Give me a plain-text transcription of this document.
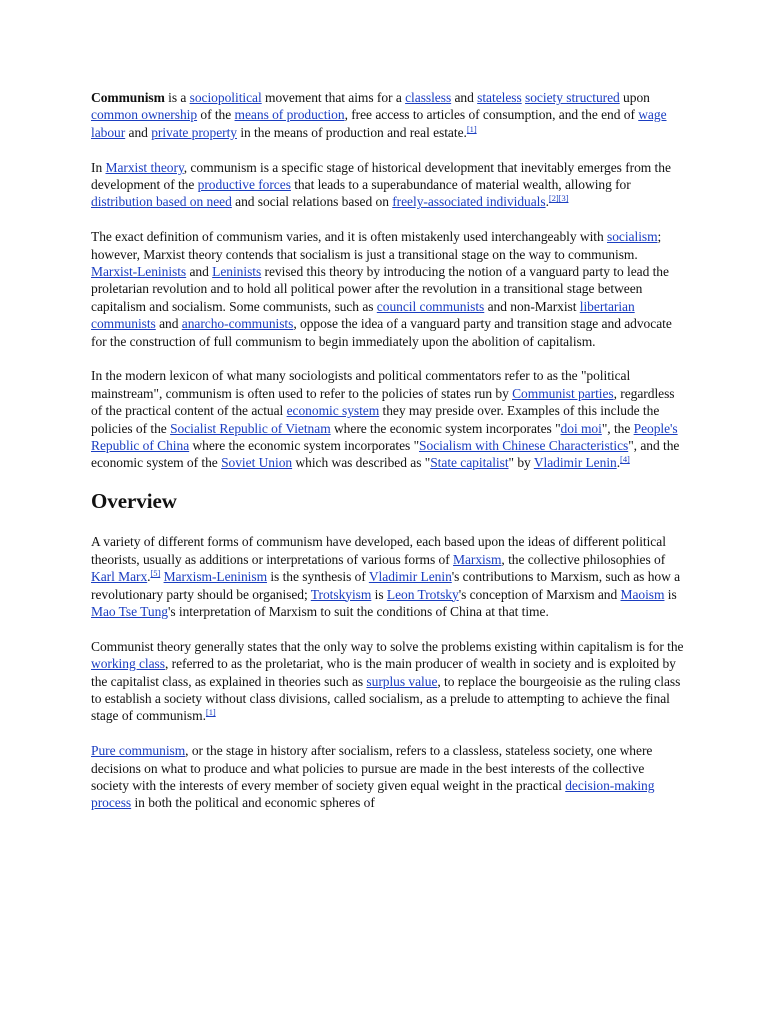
Communism is a sociopolitical movement that aims for a classless and stateless society structured upon common ownership of the means of production, free access to articles of consumption, and the end of wage labour and private property in the means of production and real estate.[1]

In Marxist theory, communism is a specific stage of historical development that inevitably emerges from the development of the productive forces that leads to a superabundance of material wealth, allowing for distribution based on need and social relations based on freely-associated individuals.[2][3]

The exact definition of communism varies, and it is often mistakenly used interchangeably with socialism; however, Marxist theory contends that socialism is just a transitional stage on the way to communism. Marxist-Leninists and Leninists revised this theory by introducing the notion of a vanguard party to lead the proletarian revolution and to hold all political power after the revolution in a transitional stage between capitalism and socialism. Some communists, such as council communists and non-Marxist libertarian communists and anarcho-communists, oppose the idea of a vanguard party and transition stage and advocate for the construction of full communism to begin immediately upon the abolition of capitalism.

In the modern lexicon of what many sociologists and political commentators refer to as the "political mainstream", communism is often used to refer to the policies of states run by Communist parties, regardless of the practical content of the actual economic system they may preside over. Examples of this include the policies of the Socialist Republic of Vietnam where the economic system incorporates "doi moi", the People's Republic of China where the economic system incorporates "Socialism with Chinese Characteristics", and the economic system of the Soviet Union which was described as "State capitalist" by Vladimir Lenin.[4]

Overview

A variety of different forms of communism have developed, each based upon the ideas of different political theorists, usually as additions or interpretations of various forms of Marxism, the collective philosophies of Karl Marx.[5] Marxism-Leninism is the synthesis of Vladimir Lenin's contributions to Marxism, such as how a revolutionary party should be organised; Trotskyism is Leon Trotsky's conception of Marxism and Maoism is Mao Tse Tung's interpretation of Marxism to suit the conditions of China at that time.

Communist theory generally states that the only way to solve the problems existing within capitalism is for the working class, referred to as the proletariat, who is the main producer of wealth in society and is exploited by the capitalist class, as explained in theories such as surplus value, to replace the bourgeoisie as the ruling class to establish a society without class divisions, called socialism, as a prelude to attempting to achieve the final stage of communism.[1]

Pure communism, or the stage in history after socialism, refers to a classless, stateless society, one where decisions on what to produce and what policies to pursue are made in the best interests of the collective society with the interests of every member of society given equal weight in the practical decision-making process in both the political and economic spheres of
